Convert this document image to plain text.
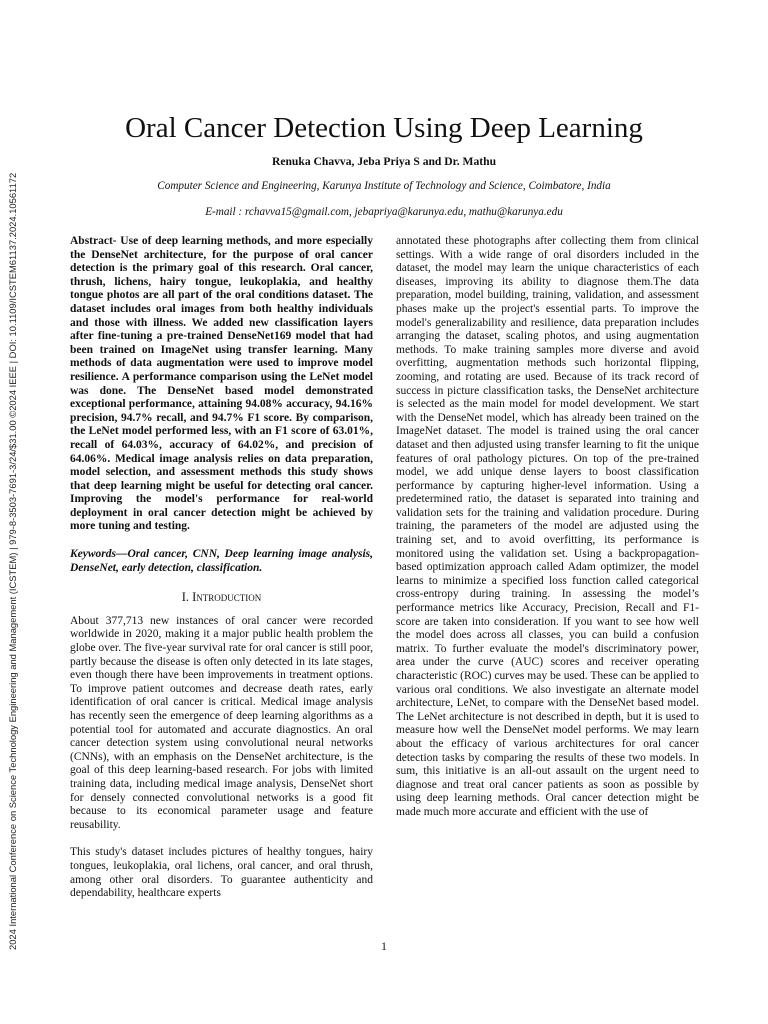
2024 International Conference on Science Technology Engineering and Management (ICSTEM) | 979-8-3503-7691-3/24/$31.00 ©2024 IEEE | DOI: 10.1109/ICSTEM61137.2024.10561172
Oral Cancer Detection Using Deep Learning
Renuka Chavva, Jeba Priya S and Dr. Mathu
Computer Science and Engineering, Karunya Institute of Technology and Science, Coimbatore, India
E-mail : rchavva15@gmail.com, jebapriya@karunya.edu, mathu@karunya.edu

Abstract- Use of deep learning methods, and more especially the DenseNet architecture, for the purpose of oral cancer detection is the primary goal of this research. Oral cancer, thrush, lichens, hairy tongue, leukoplakia, and healthy tongue photos are all part of the oral conditions dataset. The dataset includes oral images from both healthy individuals and those with illness. We added new classification layers after fine-tuning a pre-trained DenseNet169 model that had been trained on ImageNet using transfer learning. Many methods of data augmentation were used to improve model resilience. A performance comparison using the LeNet model was done. The DenseNet based model demonstrated exceptional performance, attaining 94.08% accuracy, 94.16% precision, 94.7% recall, and 94.7% F1 score. By comparison, the LeNet model performed less, with an F1 score of 63.01%, recall of 64.03%, accuracy of 64.02%, and precision of 64.06%. Medical image analysis relies on data preparation, model selection, and assessment methods this study shows that deep learning might be useful for detecting oral cancer. Improving the model's performance for real-world deployment in oral cancer detection might be achieved by more tuning and testing.

Keywords—Oral cancer, CNN, Deep learning image analysis, DenseNet, early detection, classification.

I. Introduction

About 377,713 new instances of oral cancer were recorded worldwide in 2020, making it a major public health problem the globe over. The five-year survival rate for oral cancer is still poor, partly because the disease is often only detected in its late stages, even though there have been improvements in treatment options. To improve patient outcomes and decrease death rates, early identification of oral cancer is critical. Medical image analysis has recently seen the emergence of deep learning algorithms as a potential tool for automated and accurate diagnostics. An oral cancer detection system using convolutional neural networks (CNNs), with an emphasis on the DenseNet architecture, is the goal of this deep learning-based research. For jobs with limited training data, including medical image analysis, DenseNet short for densely connected convolutional networks is a good fit because to its economical parameter usage and feature reusability.

This study's dataset includes pictures of healthy tongues, hairy tongues, leukoplakia, oral lichens, oral cancer, and oral thrush, among other oral disorders. To guarantee authenticity and dependability, healthcare experts

annotated these photographs after collecting them from clinical settings. With a wide range of oral disorders included in the dataset, the model may learn the unique characteristics of each diseases, improving its ability to diagnose them.The data preparation, model building, training, validation, and assessment phases make up the project's essential parts. To improve the model's generalizability and resilience, data preparation includes arranging the dataset, scaling photos, and using augmentation methods. To make training samples more diverse and avoid overfitting, augmentation methods such horizontal flipping, zooming, and rotating are used. Because of its track record of success in picture classification tasks, the DenseNet architecture is selected as the main model for model development. We start with the DenseNet model, which has already been trained on the ImageNet dataset. The model is trained using the oral cancer dataset and then adjusted using transfer learning to fit the unique features of oral pathology pictures. On top of the pre-trained model, we add unique dense layers to boost classification performance by capturing higher-level information. Using a predetermined ratio, the dataset is separated into training and validation sets for the training and validation procedure. During training, the parameters of the model are adjusted using the training set, and to avoid overfitting, its performance is monitored using the validation set. Using a backpropagation-based optimization approach called Adam optimizer, the model learns to minimize a specified loss function called categorical cross-entropy during training. In assessing the model’s performance metrics like Accuracy, Precision, Recall and F1-score are taken into consideration. If you want to see how well the model does across all classes, you can build a confusion matrix. To further evaluate the model's discriminatory power, area under the curve (AUC) scores and receiver operating characteristic (ROC) curves may be used. These can be applied to various oral conditions. We also investigate an alternate model architecture, LeNet, to compare with the DenseNet based model. The LeNet architecture is not described in depth, but it is used to measure how well the DenseNet model performs. We may learn about the efficacy of various architectures for oral cancer detection tasks by comparing the results of these two models. In sum, this initiative is an all-out assault on the urgent need to diagnose and treat oral cancer patients as soon as possible by using deep learning methods. Oral cancer detection might be made much more accurate and efficient with the use of

1
